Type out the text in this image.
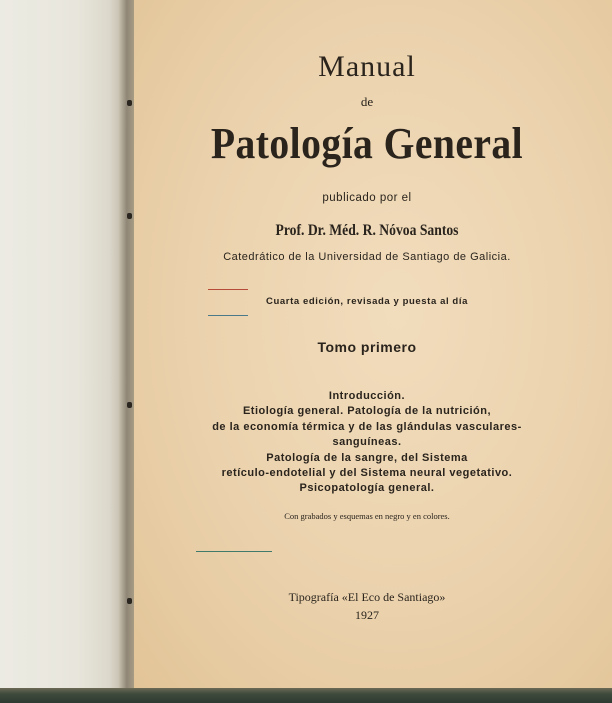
Manual
de
Patología General
publicado por el
Prof. Dr. Méd. R. Nóvoa Santos
Catedrático de la Universidad de Santiago de Galicia.
Cuarta edición, revisada y puesta al día
Tomo primero
Introducción.
Etiología general. Patología de la nutrición,
de la economía térmica y de las glándulas vasculares-
sanguíneas.
Patología de la sangre, del Sistema
retículo-endotelial y del Sistema neural vegetativo.
Psicopatología general.
Con grabados y esquemas en negro y en colores.
Tipografía «El Eco de Santiago»
1927
